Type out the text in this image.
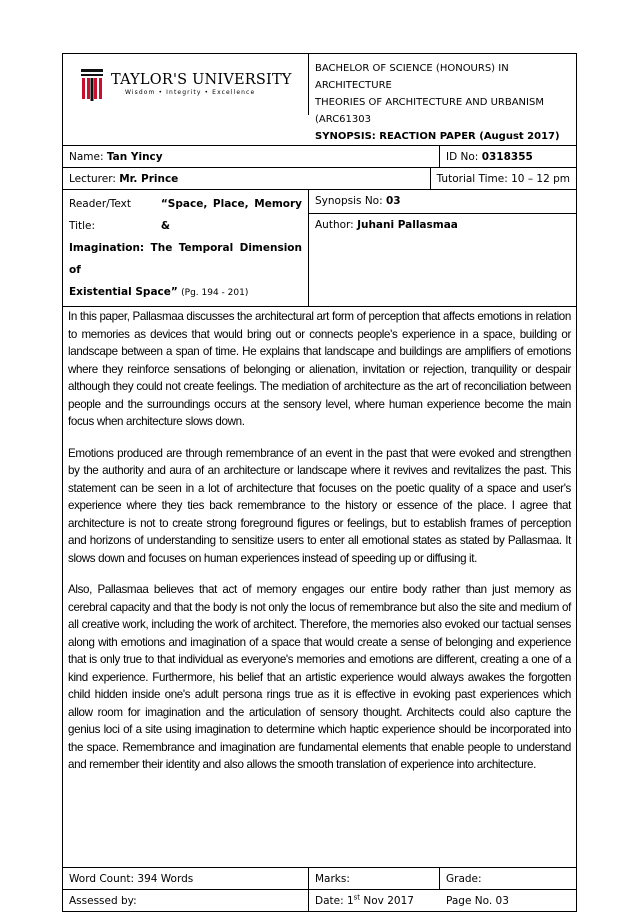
TAYLOR'S UNIVERSITY
Wisdom • Integrity • Excellence
BACHELOR OF SCIENCE (HONOURS) IN ARCHITECTURE
THEORIES OF ARCHITECTURE AND URBANISM (ARC61303
SYNOPSIS: REACTION PAPER (August 2017)
Name: Tan Yincy	ID No: 0318355
Lecturer: Mr. Prince	Tutorial Time: 10 – 12 pm
Reader/Text Title:
“Space, Place, Memory &
Imagination: The Temporal Dimension of
Existential Space” (Pg. 194 - 201)
Synopsis No: 03
Author: Juhani Pallasmaa

In this paper, Pallasmaa discusses the architectural art form of perception that affects emotions in relation to memories as devices that would bring out or connects people's experience in a space, building or landscape between a span of time. He explains that landscape and buildings are amplifiers of emotions where they reinforce sensations of belonging or alienation, invitation or rejection, tranquility or despair although they could not create feelings. The mediation of architecture as the art of reconciliation between people and the surroundings occurs at the sensory level, where human experience become the main focus when architecture slows down.

Emotions produced are through remembrance of an event in the past that were evoked and strengthen by the authority and aura of an architecture or landscape where it revives and revitalizes the past. This statement can be seen in a lot of architecture that focuses on the poetic quality of a space and user's experience where they ties back remembrance to the history or essence of the place. I agree that architecture is not to create strong foreground figures or feelings, but to establish frames of perception and horizons of understanding to sensitize users to enter all emotional states as stated by Pallasmaa. It slows down and focuses on human experiences instead of speeding up or diffusing it.

Also, Pallasmaa believes that act of memory engages our entire body rather than just memory as cerebral capacity and that the body is not only the locus of remembrance but also the site and medium of all creative work, including the work of architect. Therefore, the memories also evoked our tactual senses along with emotions and imagination of a space that would create a sense of belonging and experience that is only true to that individual as everyone's memories and emotions are different, creating a one of a kind experience. Furthermore, his belief that an artistic experience would always awakes the forgotten child hidden inside one's adult persona rings true as it is effective in evoking past experiences which allow room for imagination and the articulation of sensory thought. Architects could also capture the genius loci of a site using imagination to determine which haptic experience should be incorporated into the space. Remembrance and imagination are fundamental elements that enable people to understand and remember their identity and also allows the smooth translation of experience into architecture.

Word Count: 394 Words	Marks:	Grade:
Assessed by:	Date: 1st Nov 2017	Page No. 03
